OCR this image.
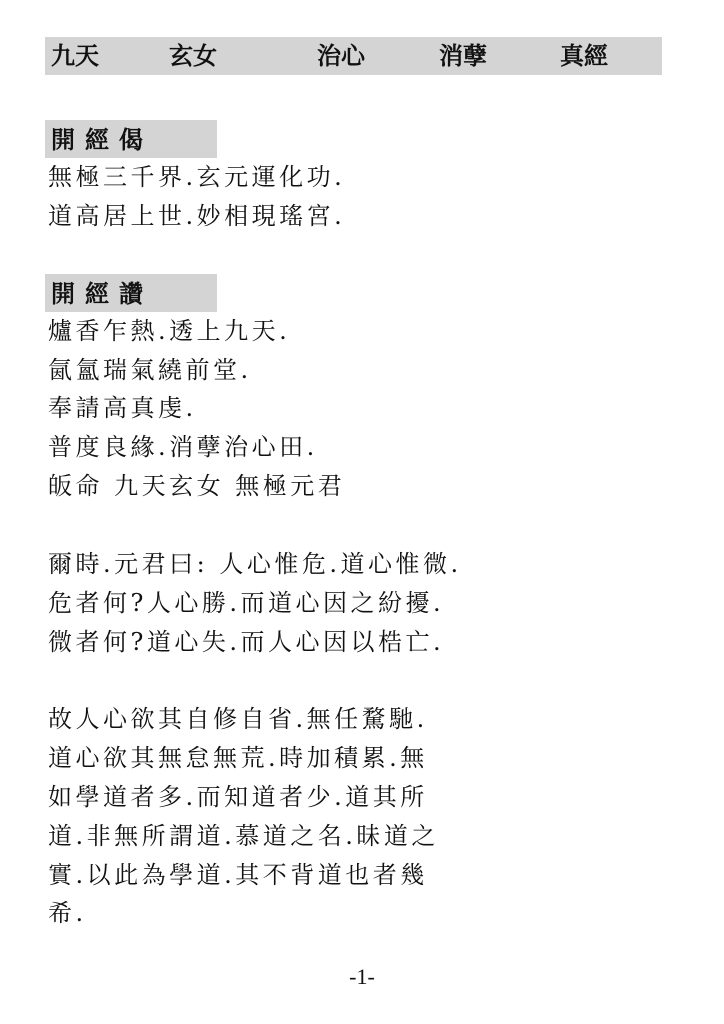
九天	玄女	治心	消孽	真經
開經偈
無極三千界.玄元運化功.
道高居上世.妙相現瑤宮.
開經讚
爐香乍熱.透上九天.
氤氳瑞氣繞前堂.
奉請高真虔.
普度良緣.消孽治心田.
皈命 九天玄女 無極元君
爾時.元君曰: 人心惟危.道心惟微.
危者何?人心勝.而道心因之紛擾.
微者何?道心失.而人心因以梏亡.
故人心欲其自修自省.無任騖馳.
道心欲其無怠無荒.時加積累.無
如學道者多.而知道者少.道其所
道.非無所謂道.慕道之名.昧道之
實.以此為學道.其不背道也者幾
希.
-1-
